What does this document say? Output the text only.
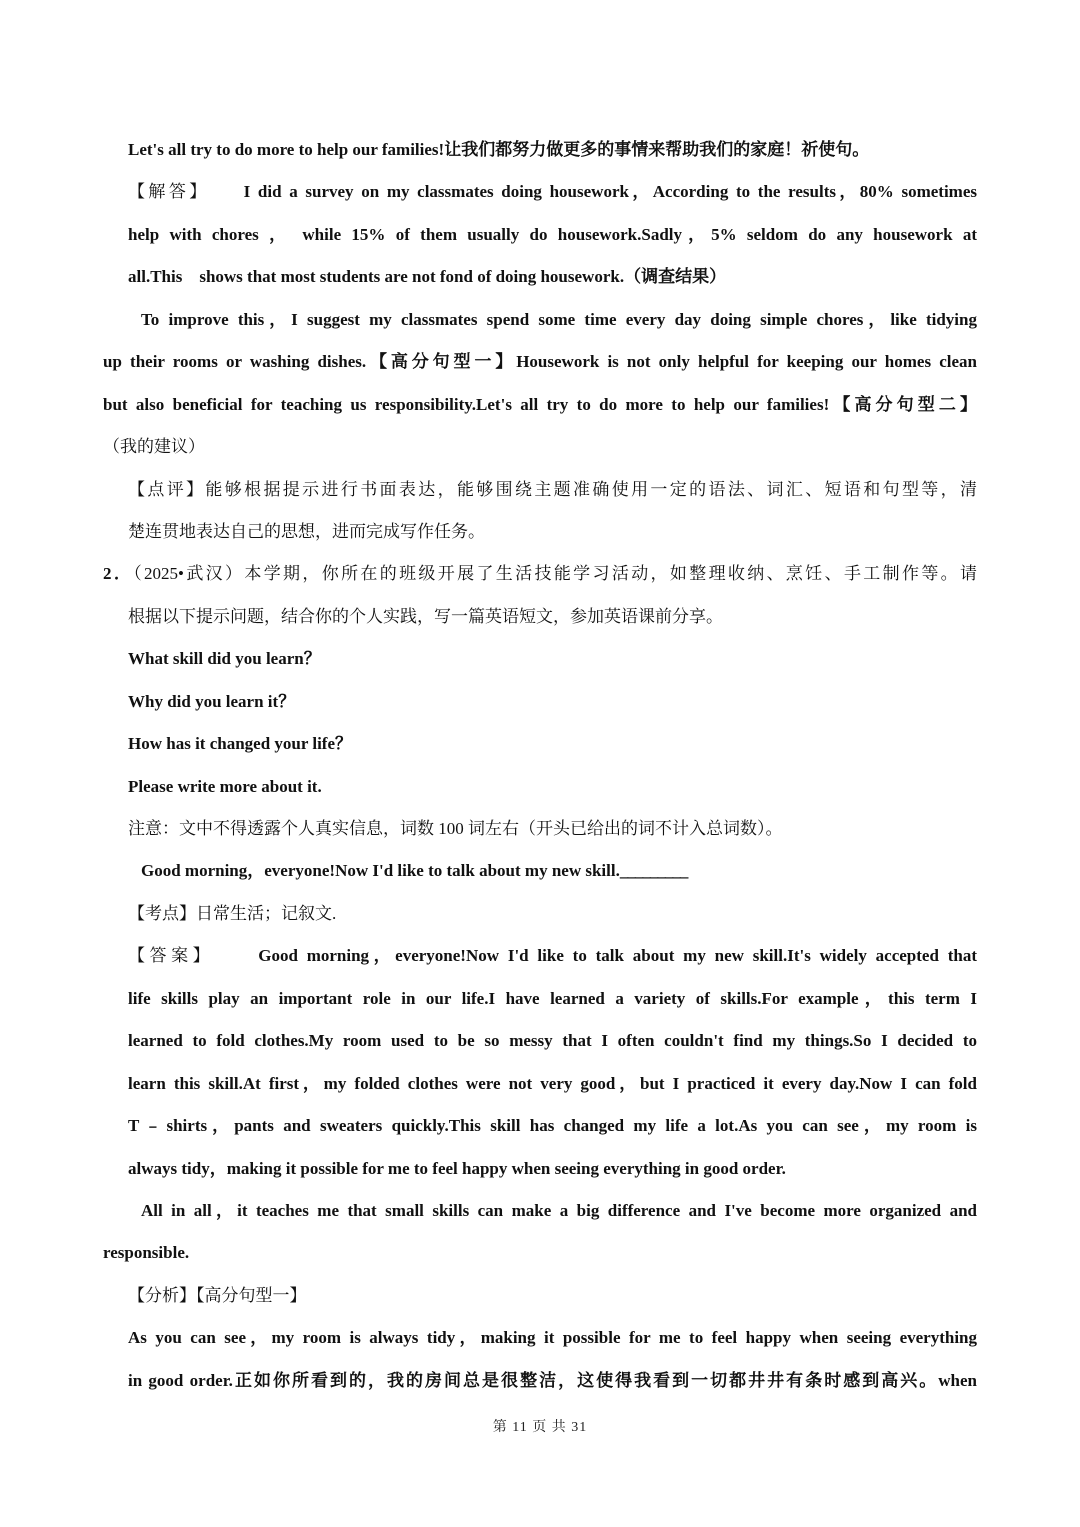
Let's all try to do more to help our families!让我们都努力做更多的事情来帮助我们的家庭！祈使句。
【解答】 I did a survey on my classmates doing housework，According to the results，80% sometimes
help with chores ， while 15% of them usually do housework.Sadly，5% seldom do any housework at
all.This　shows that most students are not fond of doing housework.（调查结果）
To improve this，I suggest my classmates spend some time every day doing simple chores，like tidying
up their rooms or washing dishes.【高分句型一】Housework is not only helpful for keeping our homes clean
but also beneficial for teaching us responsibility.Let's all try to do more to help our families!【高分句型二】
（我的建议）
【点评】能够根据提示进行书面表达，能够围绕主题准确使用一定的语法、词汇、短语和句型等，清
楚连贯地表达自己的思想，进而完成写作任务。
2．（2025•武汉）本学期，你所在的班级开展了生活技能学习活动，如整理收纳、烹饪、手工制作等。请
根据以下提示问题，结合你的个人实践，写一篇英语短文，参加英语课前分享。
What skill did you learn？
Why did you learn it？
How has it changed your life？
Please write more about it.
注意：文中不得透露个人真实信息，词数 100 词左右（开头已给出的词不计入总词数）。
Good morning，everyone!Now I'd like to talk about my new skill._________
【考点】日常生活；记叙文.
【答案】	Good morning，everyone!Now I'd like to talk about my new skill.It's widely accepted that
life skills play an important role in our life.I have learned a variety of skills.For example，this term I
learned to fold clothes.My room used to be so messy that I often couldn't find my things.So I decided to
learn this skill.At first，my folded clothes were not very good，but I practiced it every day.Now I can fold
T﹣shirts，pants and sweaters quickly.This skill has changed my life a lot.As you can see，my room is
always tidy，making it possible for me to feel happy when seeing everything in good order.
All in all，it teaches me that small skills can make a big difference and I've become more organized and
responsible.
【分析】【高分句型一】
As you can see，my room is always tidy，making it possible for me to feel happy when seeing everything
in good order.正如你所看到的，我的房间总是很整洁，这使得我看到一切都井井有条时感到高兴。when
第 11 页 共 31
